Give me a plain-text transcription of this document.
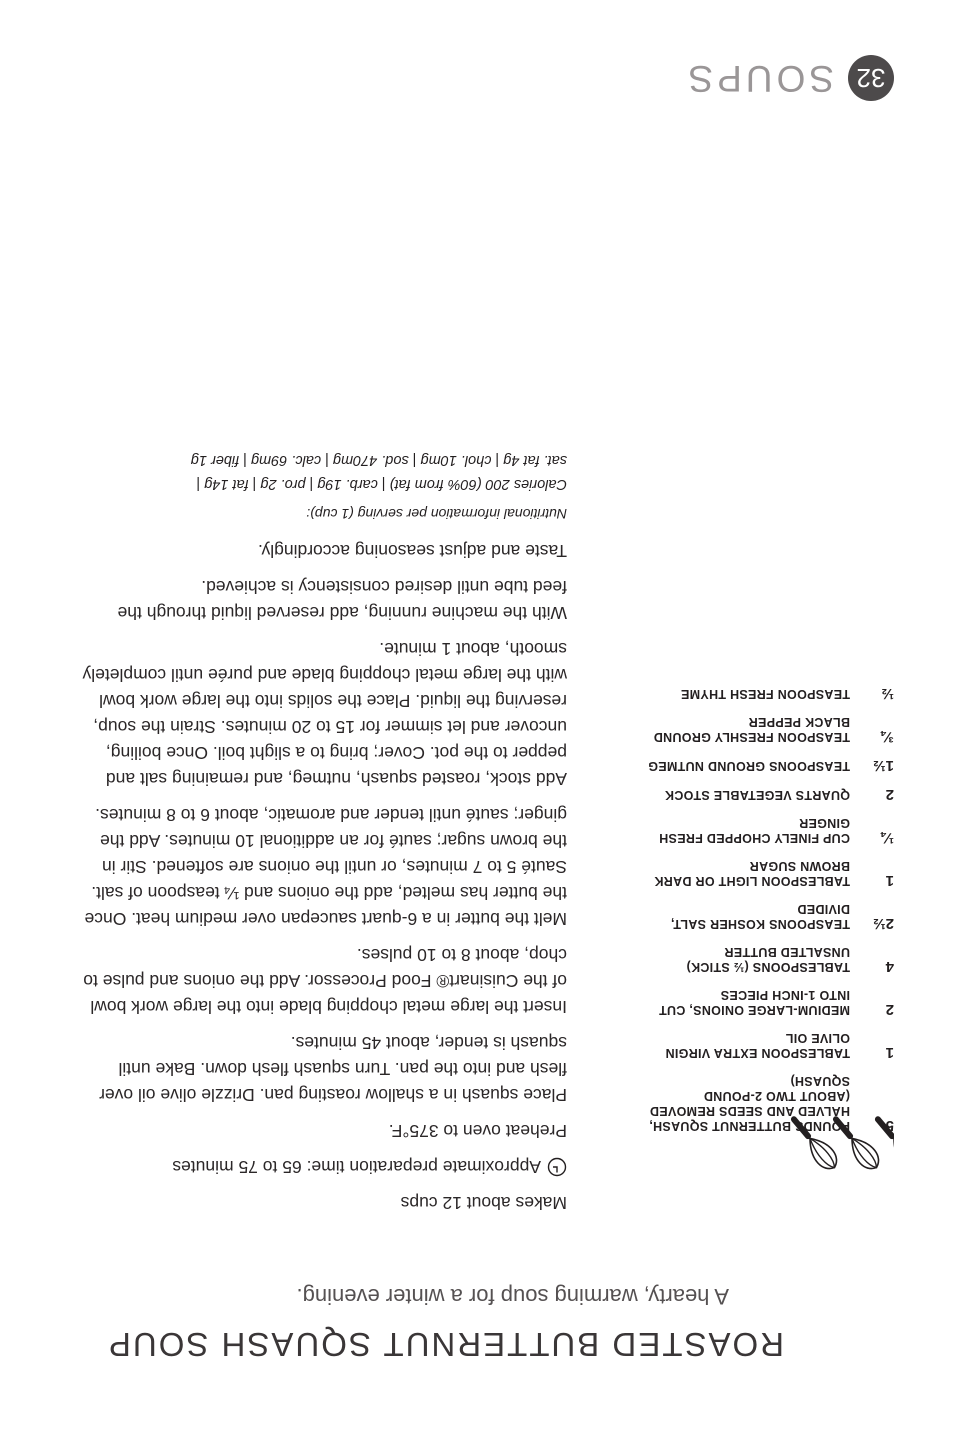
ROASTED BUTTERNUT SQUASH SOUP
A hearty, warming soup for a winter evening.
5
POUNDS BUTTERNUT SQUASH,
HALVED AND SEEDS REMOVED
(ABOUT TWO 2-POUND
SQUASH)
1
TABLESPOON EXTRA VIRGIN
OLIVE OIL
2
MEDIUM-LARGE ONIONS, CUT
INTO 1-INCH PIECES
4
TABLESPOONS (½ STICK)
UNSALTED BUTTER
2½
TEASPOONS KOSHER SALT,
DIVIDED
1
TABLESPOON LIGHT OR DARK
BROWN SUGAR
¼
CUP FINELY CHOPPED FRESH
GINGER
2
QUARTS VEGETABLE STOCK
1½
TEASPOONS GROUND NUTMEG
¾
TEASPOON FRESHLY GROUND
BLACK PEPPER
½
TEASPOON FRESH THYME

Makes about 12 cups

Approximate preparation time: 65 to 75 minutes

Preheat oven to 375°F.

Place squash in a shallow roasting pan. Drizzle olive oil over flesh and into the pan. Turn squash flesh down. Bake until squash is tender, about 45 minutes.

Insert the large metal chopping blade into the large work bowl of the Cuisinart® Food Processor. Add the onions and pulse to chop, about 8 to 10 pulses.

Melt the butter in a 6-quart saucepan over medium heat. Once the butter has melted, add the onions and ¼ teaspoon of salt. Sauté 5 to 7 minutes, or until the onions are softened. Stir in the brown sugar; sauté for an additional 10 minutes. Add the ginger; sauté until tender and aromatic, about 6 to 8 minutes.

Add stock, roasted squash, nutmeg, and remaining salt and pepper to the pot. Cover; bring to a slight boil. Once boiling, uncover and let simmer for 15 to 20 minutes. Strain the soup, reserving the liquid. Place the solids into the large work bowl with the large metal chopping blade and purée until completely smooth, about 1 minute.

With the machine running, add reserved liquid through the feed tube until desired consistency is achieved.

Taste and adjust seasoning accordingly.

Nutritional information per serving (1 cup):
Calories 200 (60% from fat) | carb. 19g | pro. 2g | fat 14g |
sat. fat 4g | chol. 10mg | sod. 470mg | calc. 69mg | fiber 1g
32
SOUPS
